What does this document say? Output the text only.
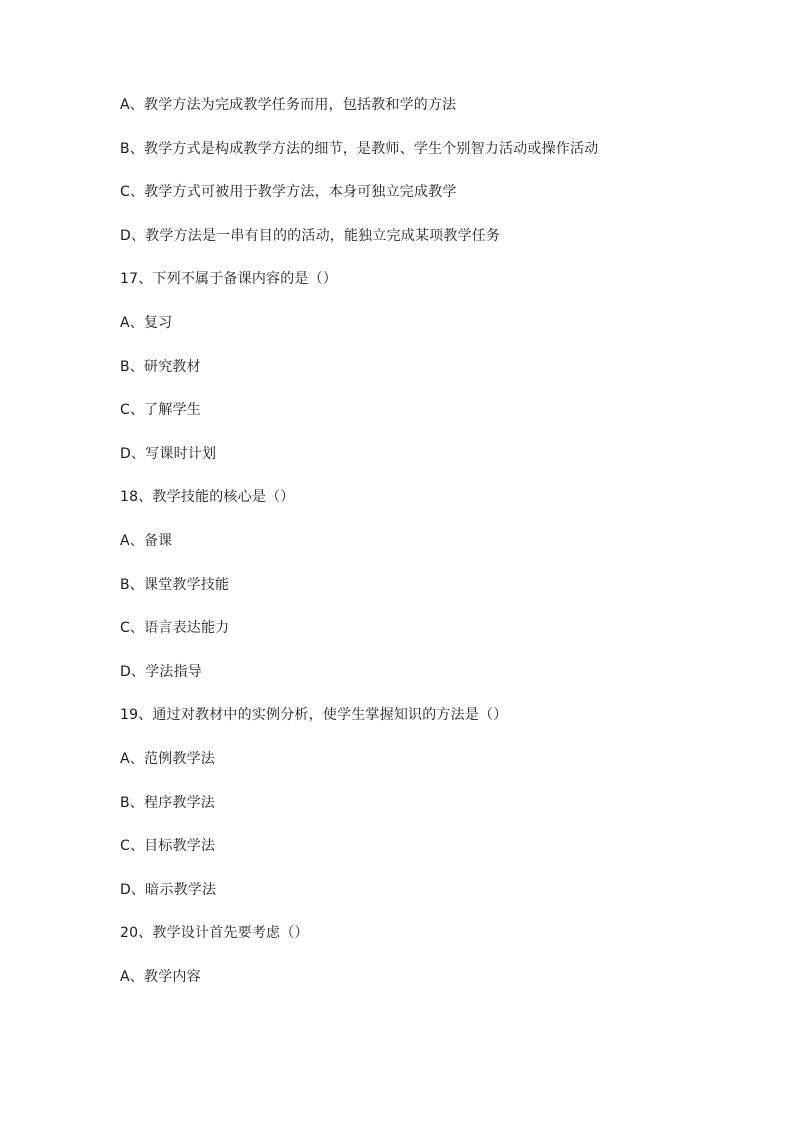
A、教学方法为完成教学任务而用，包括教和学的方法
B、教学方式是构成教学方法的细节，是教师、学生个别智力活动或操作活动
C、教学方式可被用于教学方法，本身可独立完成教学
D、教学方法是一串有目的的活动，能独立完成某项教学任务
17、下列不属于备课内容的是（）
A、复习
B、研究教材
C、了解学生
D、写课时计划
18、教学技能的核心是（）
A、备课
B、课堂教学技能
C、语言表达能力
D、学法指导
19、通过对教材中的实例分析，使学生掌握知识的方法是（）
A、范例教学法
B、程序教学法
C、目标教学法
D、暗示教学法
20、教学设计首先要考虑（）
A、教学内容
